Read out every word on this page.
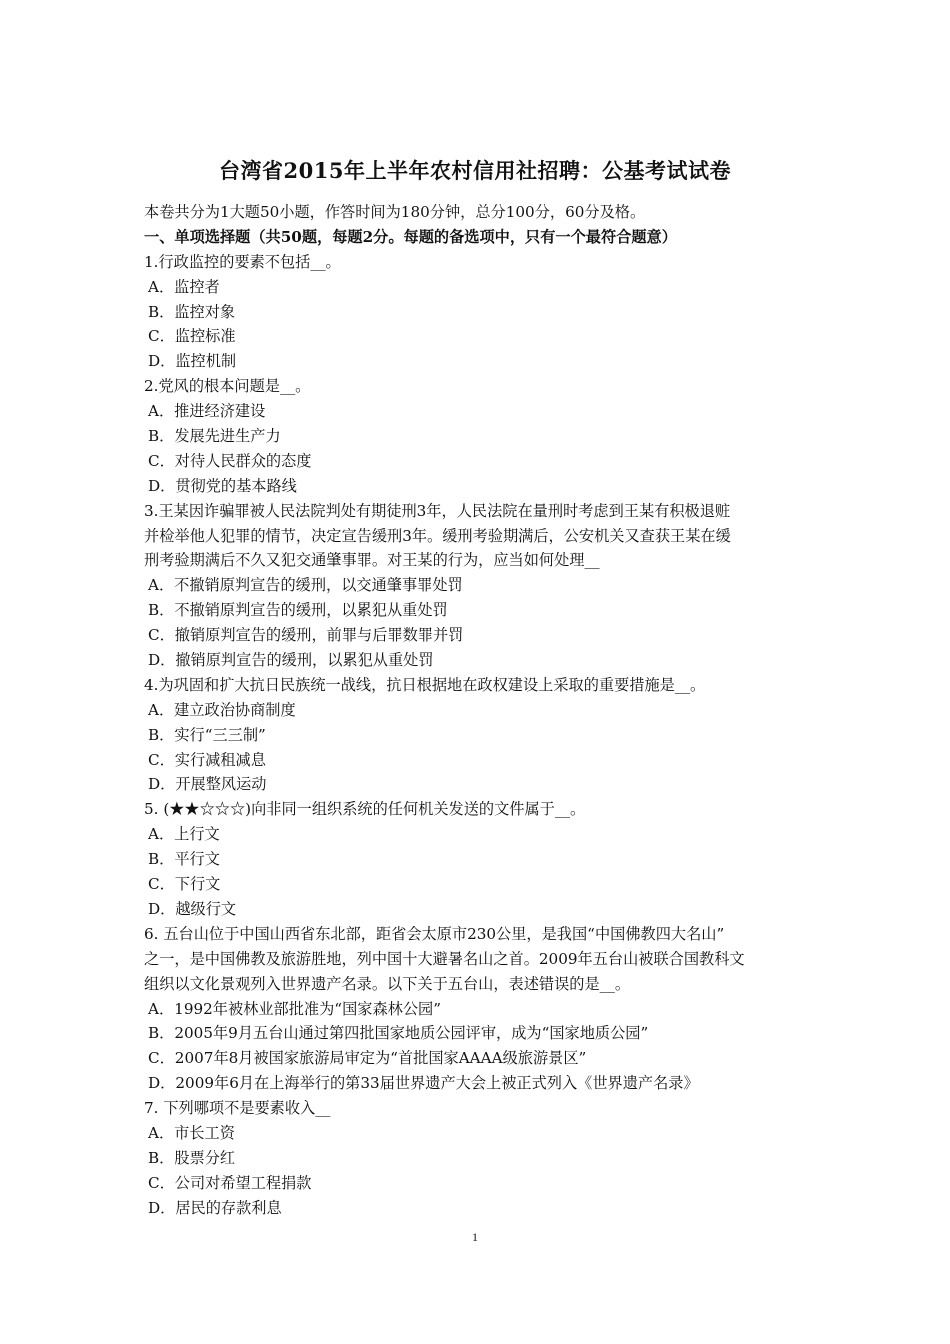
台湾省2015年上半年农村信用社招聘：公基考试试卷
本卷共分为1大题50小题，作答时间为180分钟，总分100分，60分及格。
一、单项选择题（共50题，每题2分。每题的备选项中，只有一个最符合题意）
1.行政监控的要素不包括__。
A．监控者
B．监控对象
C．监控标准
D．监控机制
2.党风的根本问题是__。
A．推进经济建设
B．发展先进生产力
C．对待人民群众的态度
D．贯彻党的基本路线
3.王某因诈骗罪被人民法院判处有期徒刑3年，人民法院在量刑时考虑到王某有积极退赃
并检举他人犯罪的情节，决定宣告缓刑3年。缓刑考验期满后，公安机关又查获王某在缓
刑考验期满后不久又犯交通肇事罪。对王某的行为，应当如何处理__
A．不撤销原判宣告的缓刑，以交通肇事罪处罚
B．不撤销原判宣告的缓刑，以累犯从重处罚
C．撤销原判宣告的缓刑，前罪与后罪数罪并罚
D．撤销原判宣告的缓刑，以累犯从重处罚
4.为巩固和扩大抗日民族统一战线，抗日根据地在政权建设上采取的重要措施是__。
A．建立政治协商制度
B．实行“三三制”
C．实行减租减息
D．开展整风运动
5. (★★☆☆☆)向非同一组织系统的任何机关发送的文件属于__。
A．上行文
B．平行文
C．下行文
D．越级行文
6. 五台山位于中国山西省东北部，距省会太原市230公里，是我国“中国佛教四大名山”
之一，是中国佛教及旅游胜地，列中国十大避暑名山之首。2009年五台山被联合国教科文
组织以文化景观列入世界遗产名录。以下关于五台山，表述错误的是__。
A．1992年被林业部批准为“国家森林公园”
B．2005年9月五台山通过第四批国家地质公园评审，成为“国家地质公园”
C．2007年8月被国家旅游局审定为“首批国家AAAA级旅游景区”
D．2009年6月在上海举行的第33届世界遗产大会上被正式列入《世界遗产名录》
7. 下列哪项不是要素收入__
A．市长工资
B．股票分红
C．公司对希望工程捐款
D．居民的存款利息
1
